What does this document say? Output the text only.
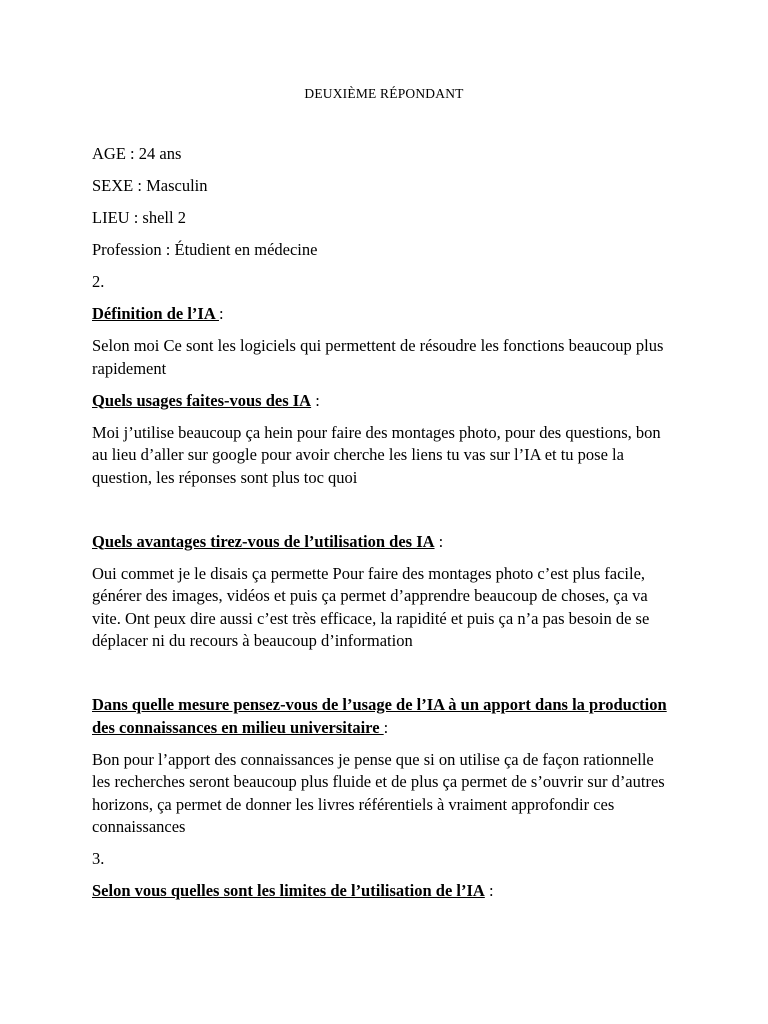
DEUXIÈME RÉPONDANT

AGE : 24 ans

SEXE : Masculin

LIEU : shell 2

Profession : Étudient en médecine

2.

Définition de l’IA :

Selon moi Ce sont les logiciels qui permettent de résoudre les fonctions beaucoup plus rapidement

Quels usages faites-vous des IA :

Moi j’utilise beaucoup ça hein pour faire des montages photo, pour des questions, bon au lieu d’aller sur google pour avoir cherche les liens tu vas sur l’IA et tu pose la question, les réponses sont plus toc quoi

Quels avantages tirez-vous de l’utilisation des IA :

Oui commet je le disais ça permette Pour faire des montages photo c’est plus facile, générer des images, vidéos et puis ça permet d’apprendre beaucoup de choses, ça va vite. Ont peux dire aussi c’est très efficace, la rapidité et puis ça n’a pas besoin de se déplacer ni du recours à beaucoup d’information

Dans quelle mesure pensez-vous de l’usage de l’IA à un apport dans la production des connaissances en milieu universitaire :

Bon pour l’apport des connaissances je pense que si on utilise ça de façon rationnelle les recherches seront beaucoup plus fluide et de plus ça permet de s’ouvrir sur d’autres horizons, ça permet de donner les livres référentiels à vraiment approfondir ces connaissances

3.

Selon vous quelles sont les limites de l’utilisation de l’IA :
